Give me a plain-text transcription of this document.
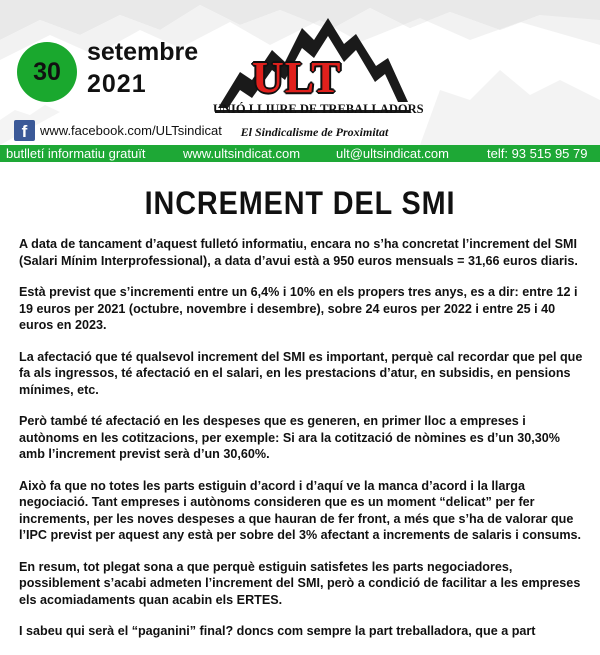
30
setembre
2021 ULT
UNIÓ LLIURE DE TREBALLADORS
El Sindicalisme de Proximitat
f www.facebook.com/ULTsindicat
butlletí informatiu gratuït	www.ultsindicat.com	ult@ultsindicat.com	telf: 93 515 95 79
INCREMENT DEL SMI

A data de tancament d’aquest fulletó informatiu, encara no s’ha concretat l’increment del SMI (Salari Mínim Interprofessional), a data d’avui està a 950 euros mensuals = 31,66 euros diaris.

Està previst que s’incrementi entre un 6,4% i 10% en els propers tres anys, es a dir: entre 12 i 19 euros per 2021 (octubre, novembre i desembre), sobre 24 euros per 2022 i entre 25 i 40 euros en 2023.

La afectació que té qualsevol increment del SMI es important, perquè cal recordar que pel que fa als ingressos, té afectació en el salari, en les prestacions d’atur, en subsidis, en pensions mínimes, etc.

Però també té afectació en les despeses que es generen, en primer lloc a empreses i autònoms en les cotitzacions, per exemple: Si ara la cotització de nòmines es d’un 30,30% amb l’increment previst serà d’un 30,60%.

Això fa que no totes les parts estiguin d’acord i d’aquí ve la manca d’acord i la llarga negociació. Tant empreses i autònoms consideren que es un moment “delicat” per fer increments, per les noves despeses a que hauran de fer front, a més que s’ha de valorar que l’IPC previst per aquest any està per sobre del 3% afectant a increments de salaris i consums.

En resum, tot plegat sona a que perquè estiguin satisfetes les parts negociadores, possiblement s’acabi admeten l’increment del SMI, però a condició de facilitar a les empreses els acomiadaments quan acabin els ERTES.

I sabeu qui serà el “paganini” final? doncs com sempre la part treballadora, que a part
